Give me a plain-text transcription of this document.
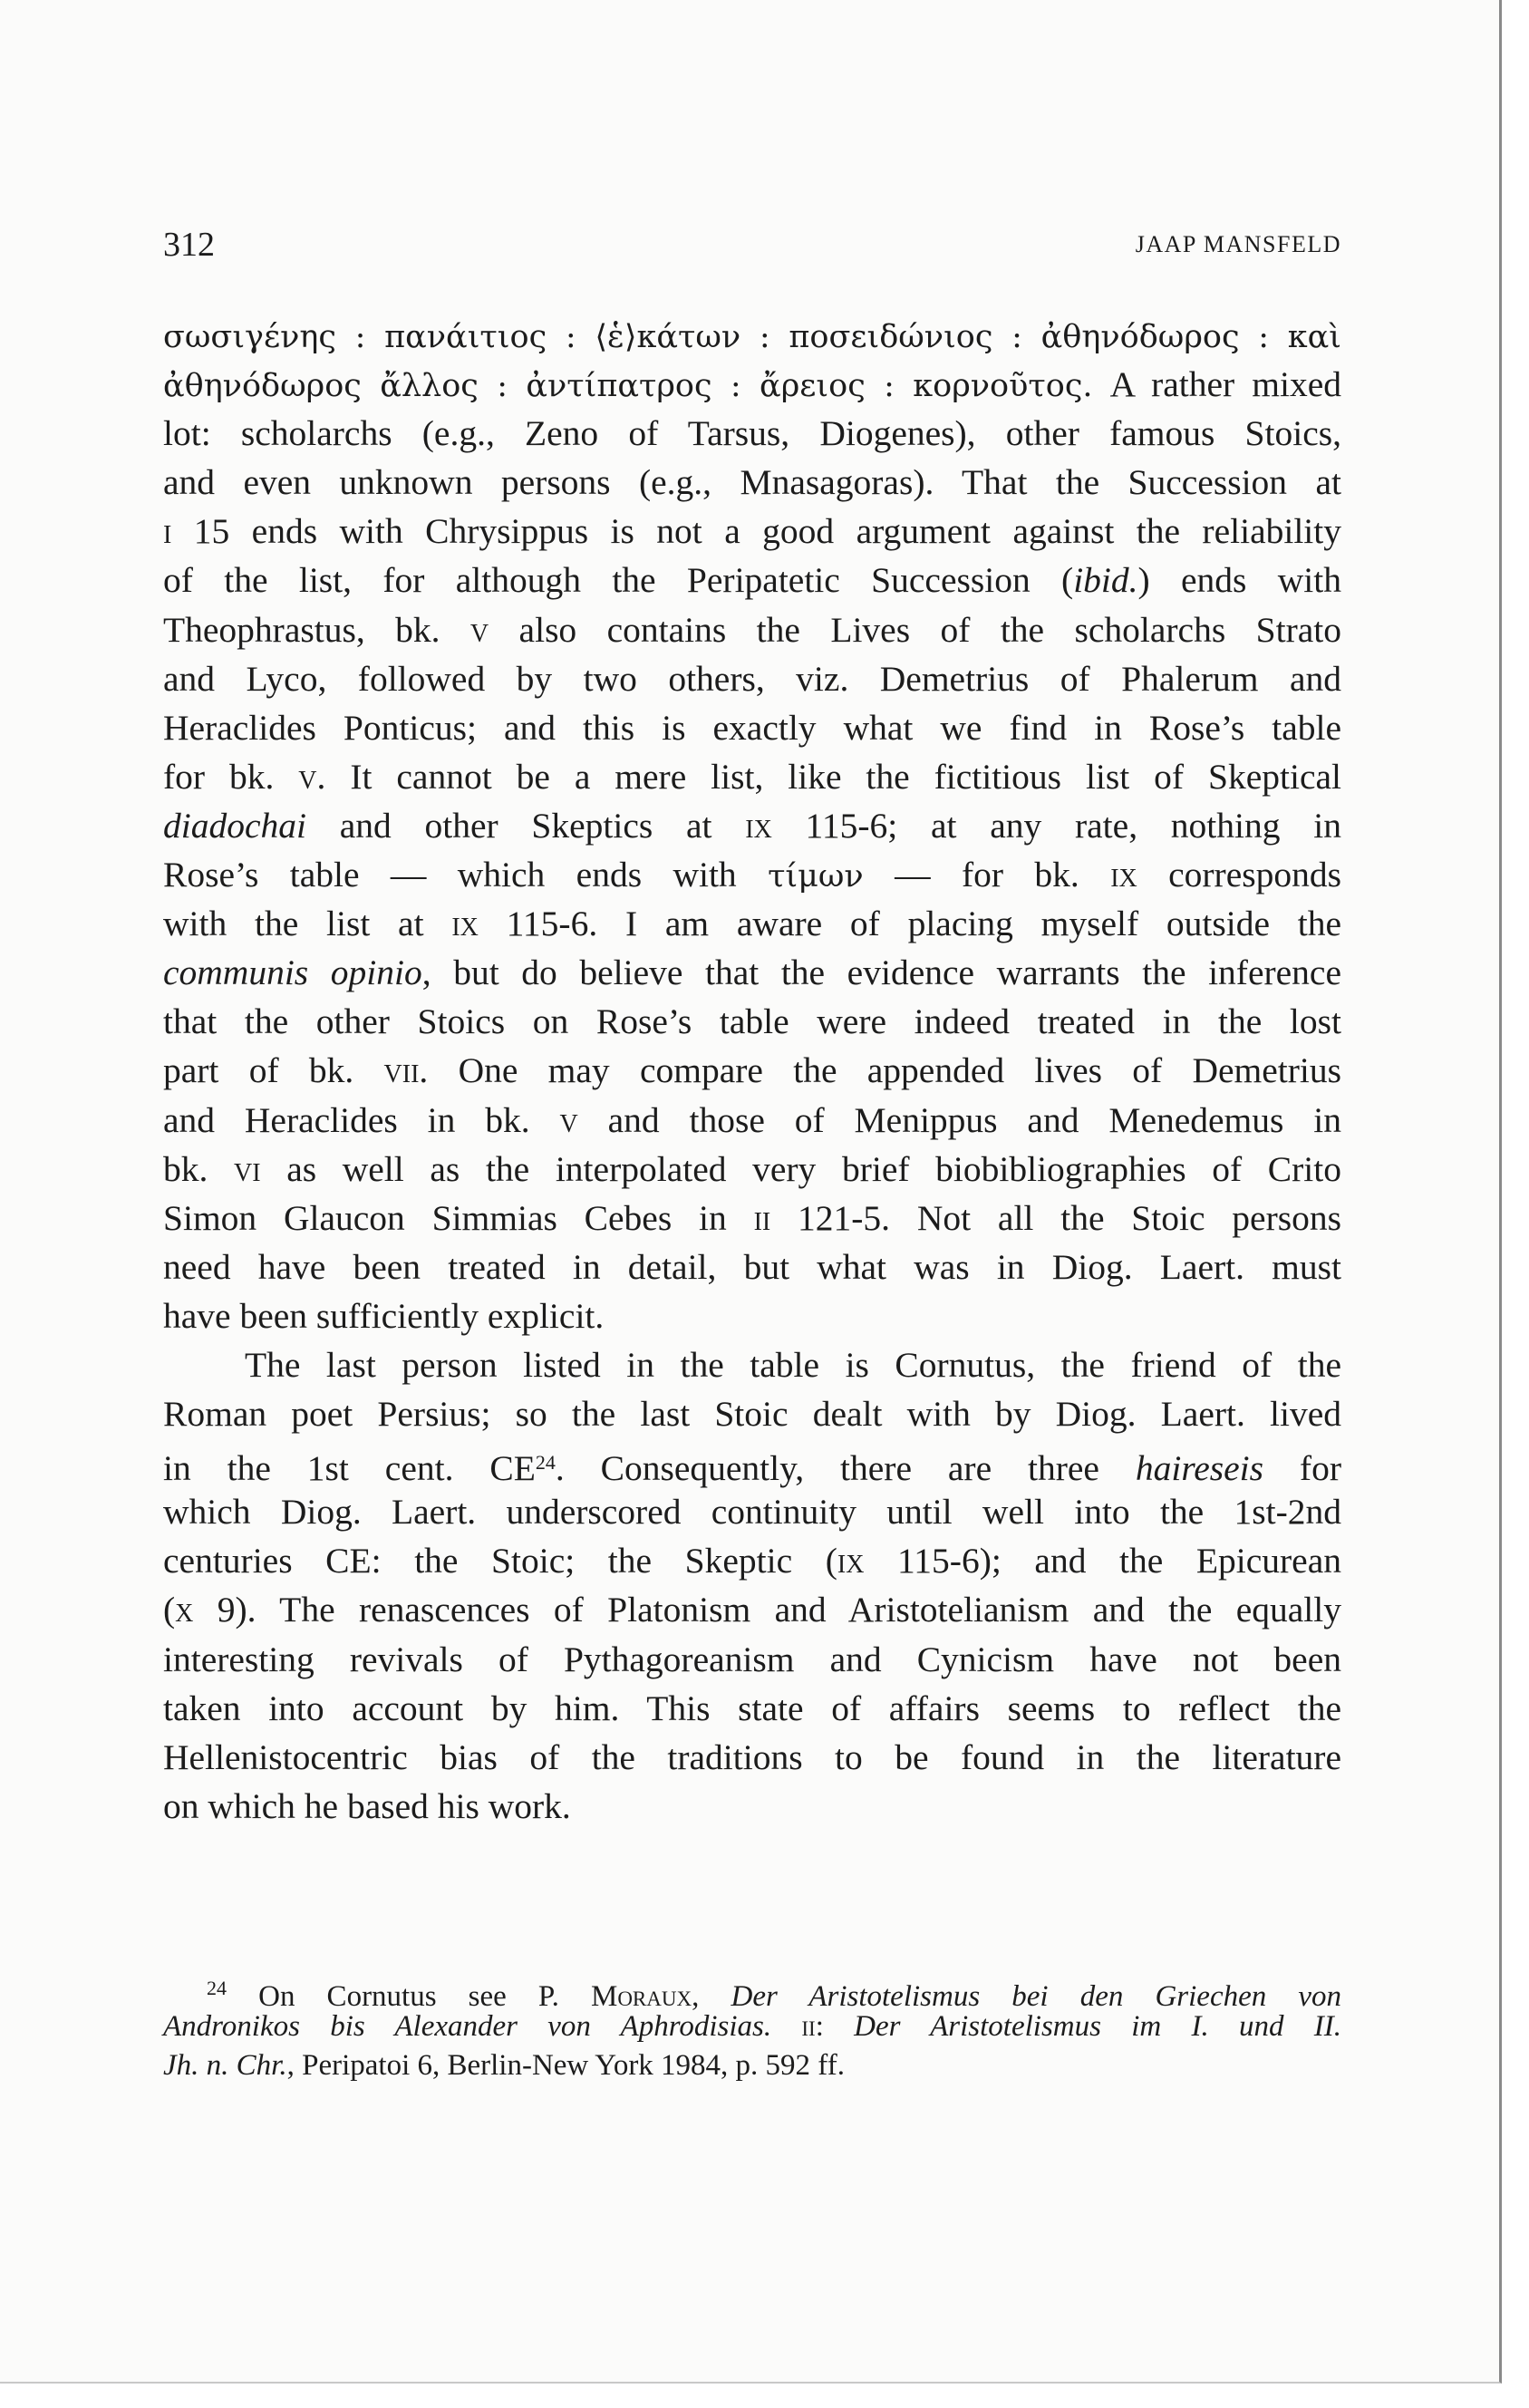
312	JAAP MANSFELD
σωσιγένης : πανάιτιος : ⟨ἑ⟩κάτων : ποσειδώνιος : ἀθηνόδωρος : καὶ
ἀθηνόδωρος ἄλλος : ἀντίπατρος : ἄρειος : κορνοῦτος. A rather mixed
lot: scholarchs (e.g., Zeno of Tarsus, Diogenes), other famous Stoics,
and even unknown persons (e.g., Mnasagoras). That the Succession at
i 15 ends with Chrysippus is not a good argument against the reliability
of the list, for although the Peripatetic Succession (ibid.) ends with
Theophrastus, bk. v also contains the Lives of the scholarchs Strato
and Lyco, followed by two others, viz. Demetrius of Phalerum and
Heraclides Ponticus; and this is exactly what we find in Rose’s table
for bk. v. It cannot be a mere list, like the fictitious list of Skeptical
diadochai and other Skeptics at ix 115-6; at any rate, nothing in
Rose’s table — which ends with τίμων — for bk. ix corresponds
with the list at ix 115-6. I am aware of placing myself outside the
communis opinio, but do believe that the evidence warrants the inference
that the other Stoics on Rose’s table were indeed treated in the lost
part of bk. vii. One may compare the appended lives of Demetrius
and Heraclides in bk. v and those of Menippus and Menedemus in
bk. vi as well as the interpolated very brief biobibliographies of Crito
Simon Glaucon Simmias Cebes in ii 121-5. Not all the Stoic persons
need have been treated in detail, but what was in Diog. Laert. must
have been sufficiently explicit.
The last person listed in the table is Cornutus, the friend of the
Roman poet Persius; so the last Stoic dealt with by Diog. Laert. lived
in the 1st cent. CE$^{24}$. Consequently, there are three haireseis for
which Diog. Laert. underscored continuity until well into the 1st-2nd
centuries CE: the Stoic; the Skeptic (ix 115-6); and the Epicurean
(x 9). The renascences of Platonism and Aristotelianism and the equally
interesting revivals of Pythagoreanism and Cynicism have not been
taken into account by him. This state of affairs seems to reflect the
Hellenistocentric bias of the traditions to be found in the literature
on which he based his work.
$^{24}$ On Cornutus see P. Moraux, Der Aristotelismus bei den Griechen von
Andronikos bis Alexander von Aphrodisias. ii: Der Aristotelismus im I. und II.
Jh. n. Chr., Peripatoi 6, Berlin-New York 1984, p. 592 ff.
